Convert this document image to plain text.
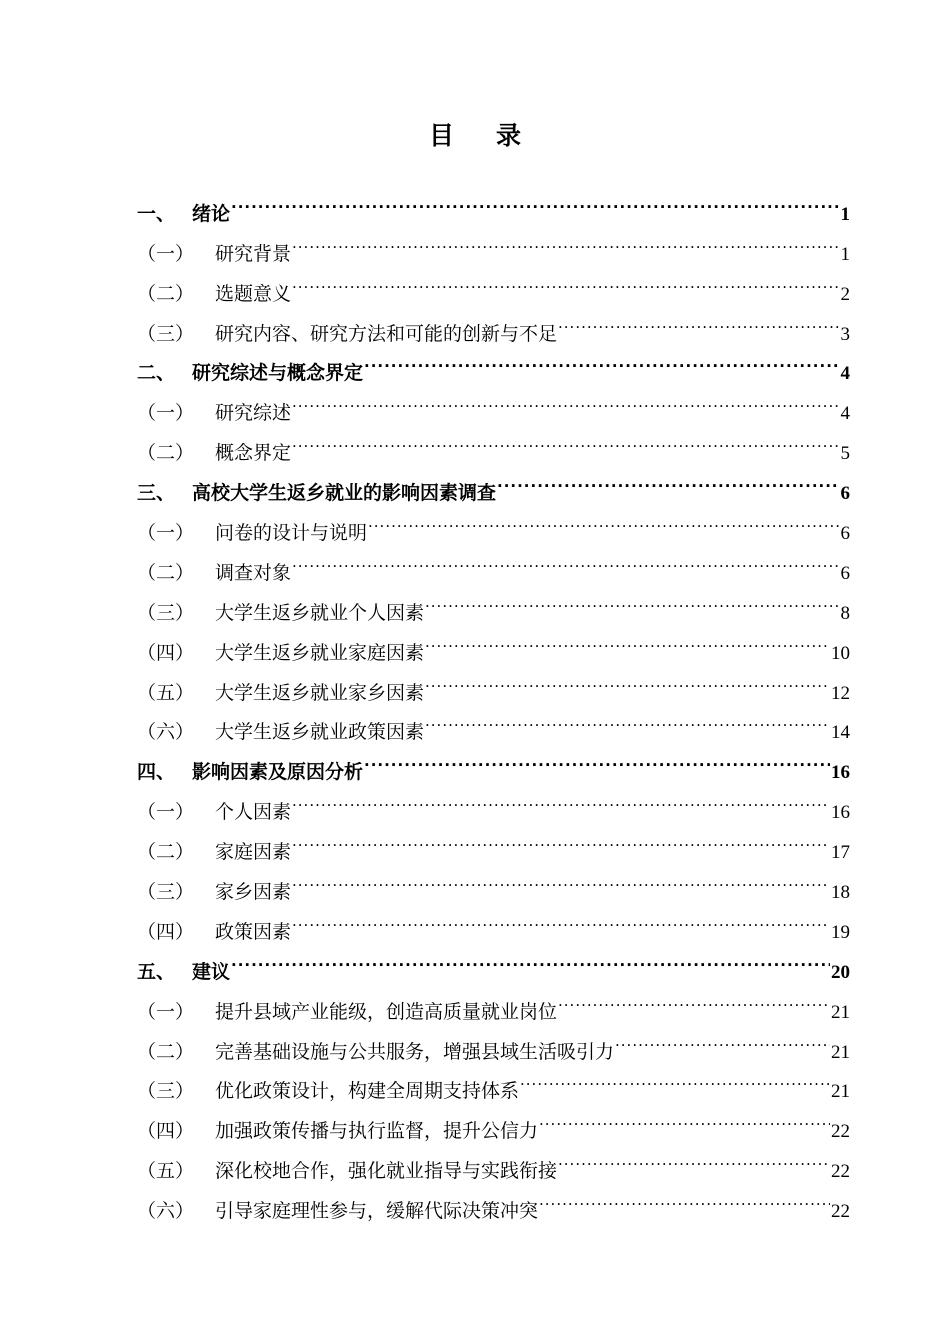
目 录
一、 绪论 .....	1
（一）	研究背景 .....	1
（二）	选题意义 .....	2
（三）	研究内容、研究方法和可能的创新与不足 .....	3
二、 研究综述与概念界定 .....	4
（一）	研究综述 .....	4
（二）	概念界定 .....	5
三、 高校大学生返乡就业的影响因素调查 .....	6
（一）	问卷的设计与说明 .....	6
（二）	调查对象 .....	6
（三）	大学生返乡就业个人因素 .....	8
（四）	大学生返乡就业家庭因素 .....	10
（五）	大学生返乡就业家乡因素 .....	12
（六）	大学生返乡就业政策因素 .....	14
四、 影响因素及原因分析 .....	16
（一）	个人因素 .....	16
（二）	家庭因素 .....	17
（三）	家乡因素 .....	18
（四）	政策因素 .....	19
五、 建议 .....	20
（一）	提升县域产业能级，创造高质量就业岗位 .....	21
（二）	完善基础设施与公共服务，增强县域生活吸引力 .....	21
（三）	优化政策设计，构建全周期支持体系 .....	21
（四）	加强政策传播与执行监督，提升公信力 .....	22
（五）	深化校地合作，强化就业指导与实践衔接 .....	22
（六）	引导家庭理性参与，缓解代际决策冲突 .....	22
